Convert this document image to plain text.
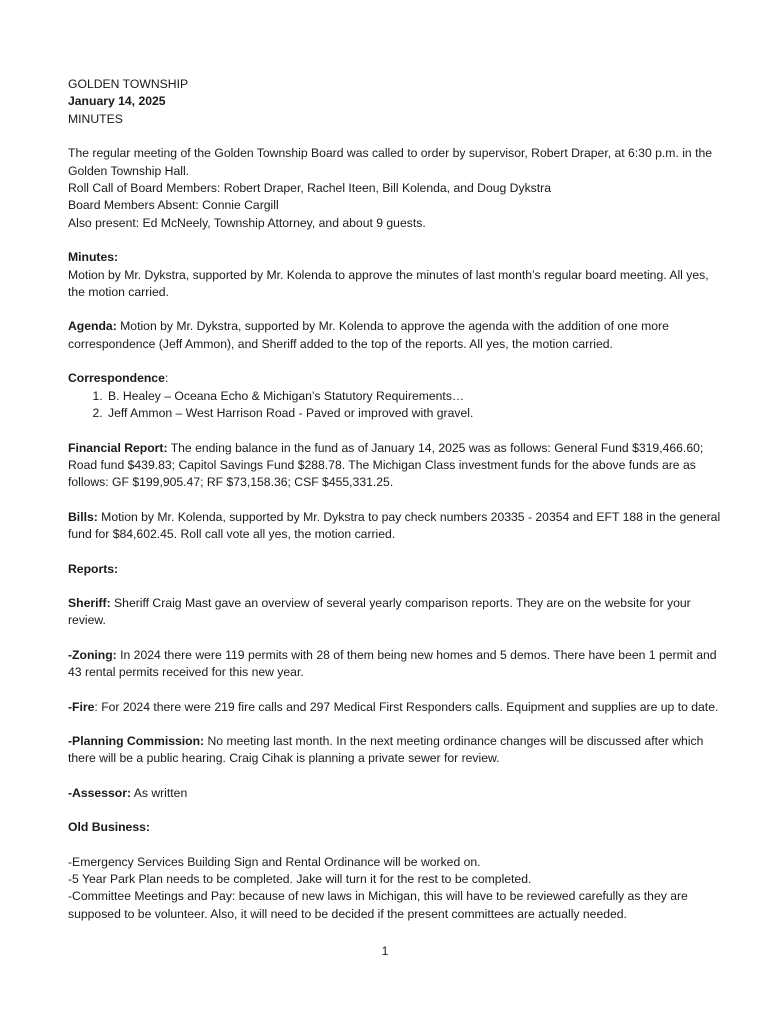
GOLDEN TOWNSHIP

January 14, 2025

MINUTES

The regular meeting of the Golden Township Board was called to order by supervisor, Robert Draper, at 6:30 p.m. in the Golden Township Hall.

Roll Call of Board Members: Robert Draper, Rachel Iteen, Bill Kolenda, and Doug Dykstra

Board Members Absent: Connie Cargill

Also present: Ed McNeely, Township Attorney, and about 9 guests.

Minutes:

Motion by Mr. Dykstra, supported by Mr. Kolenda to approve the minutes of last month’s regular board meeting. All yes, the motion carried.

Agenda: Motion by Mr. Dykstra, supported by Mr. Kolenda to approve the agenda with the addition of one more correspondence (Jeff Ammon), and Sheriff added to the top of the reports. All yes, the motion carried.

Correspondence:

1. B. Healey – Oceana Echo & Michigan’s Statutory Requirements…
2. Jeff Ammon – West Harrison Road - Paved or improved with gravel.

Financial Report: The ending balance in the fund as of January 14, 2025 was as follows: General Fund $319,466.60; Road fund $439.83; Capitol Savings Fund $288.78. The Michigan Class investment funds for the above funds are as follows: GF $199,905.47; RF $73,158.36; CSF $455,331.25.

Bills: Motion by Mr. Kolenda, supported by Mr. Dykstra to pay check numbers 20335 - 20354 and EFT 188 in the general fund for $84,602.45. Roll call vote all yes, the motion carried.

Reports:

Sheriff: Sheriff Craig Mast gave an overview of several yearly comparison reports. They are on the website for your review.

-Zoning: In 2024 there were 119 permits with 28 of them being new homes and 5 demos. There have been 1 permit and 43 rental permits received for this new year.

-Fire: For 2024 there were 219 fire calls and 297 Medical First Responders calls. Equipment and supplies are up to date.

-Planning Commission: No meeting last month. In the next meeting ordinance changes will be discussed after which there will be a public hearing. Craig Cihak is planning a private sewer for review.

-Assessor: As written

Old Business:

-Emergency Services Building Sign and Rental Ordinance will be worked on.

-5 Year Park Plan needs to be completed. Jake will turn it for the rest to be completed.

-Committee Meetings and Pay: because of new laws in Michigan, this will have to be reviewed carefully as they are supposed to be volunteer. Also, it will need to be decided if the present committees are actually needed.

1
